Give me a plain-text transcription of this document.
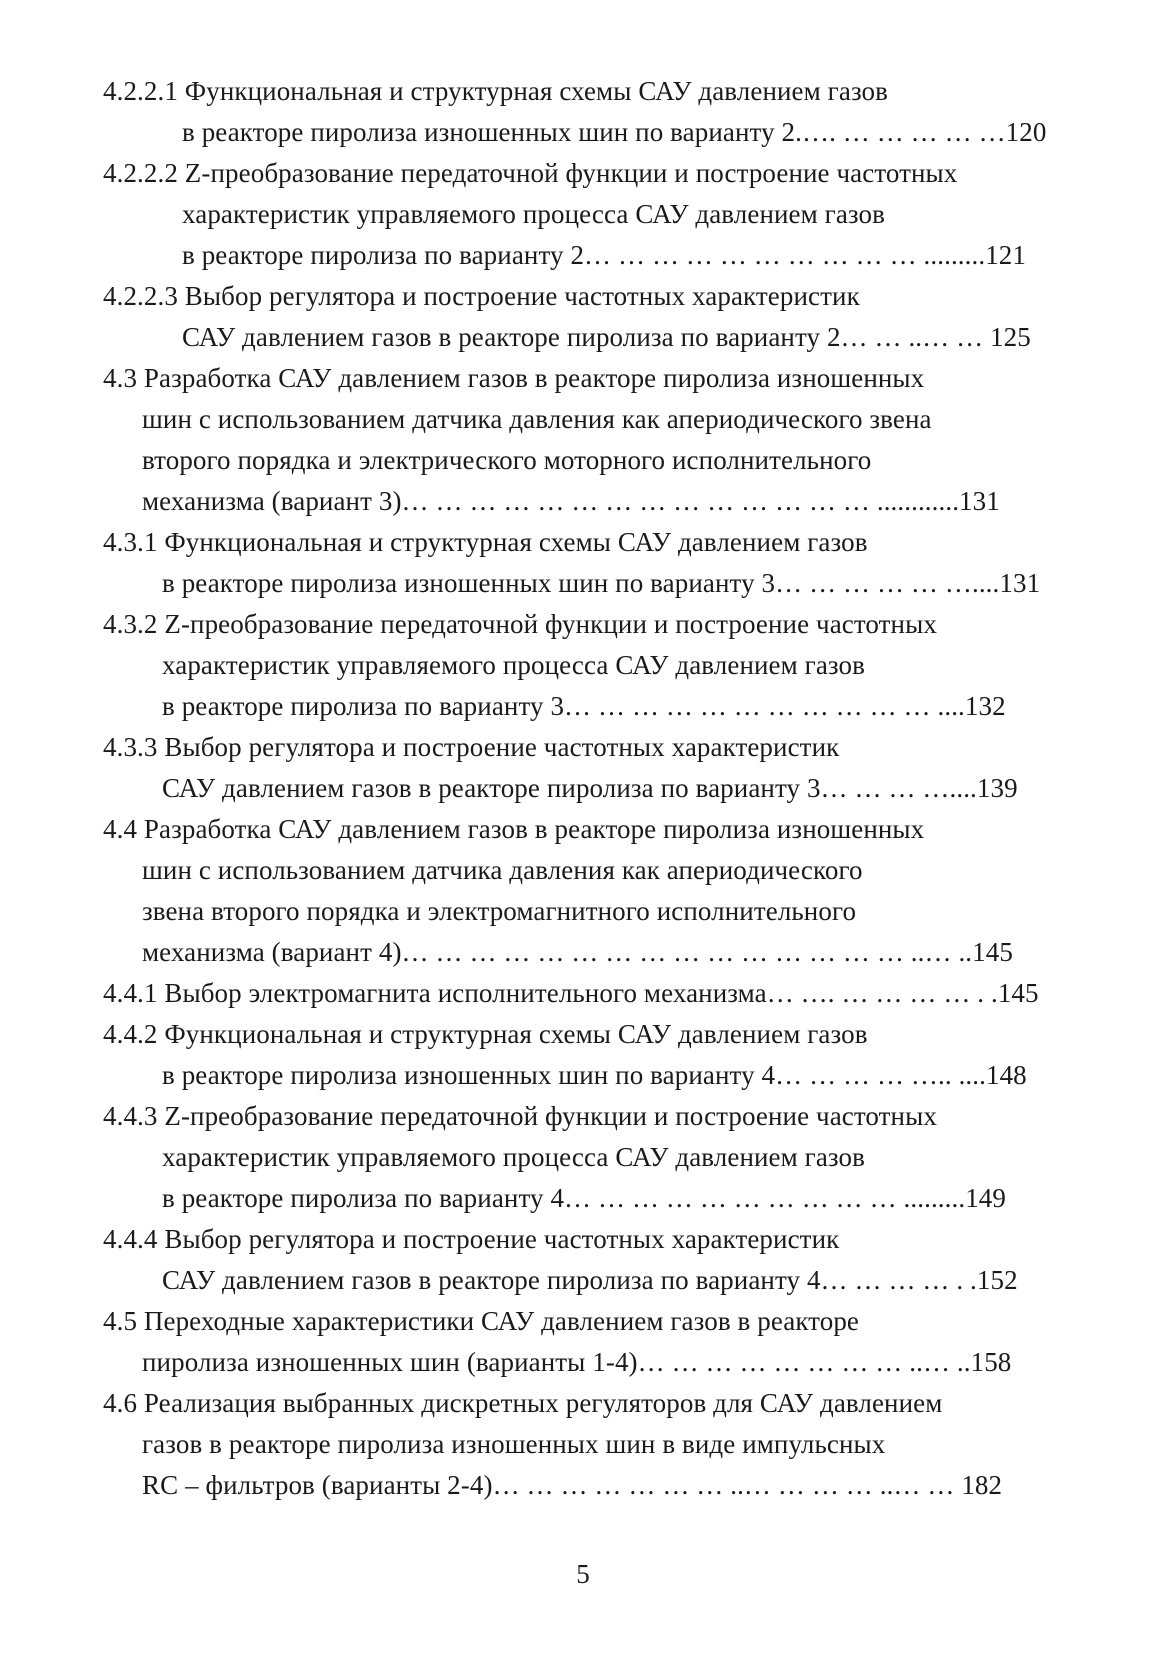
4.2.2.1 Функциональная и структурная схемы САУ давлением газов
в реакторе пиролиза изношенных шин по варианту 2.…. … … … … …120
4.2.2.2 Z-преобразование передаточной функции и построение частотных
характеристик управляемого процесса САУ давлением газов
в реакторе пиролиза по варианту 2… … … … … … … … … … .........121
4.2.2.3 Выбор регулятора и построение частотных характеристик
САУ давлением газов в реакторе пиролиза по варианту 2… … ..… … 125
4.3 Разработка САУ давлением газов в реакторе пиролиза изношенных
шин с использованием датчика давления как апериодического звена
второго порядка и электрического моторного исполнительного
механизма (вариант 3)… … … … … … … … … … … … … … ............131
4.3.1 Функциональная и структурная схемы САУ давлением газов
в реакторе пиролиза изношенных шин по варианту 3… … … … … …....131
4.3.2 Z-преобразование передаточной функции и построение частотных
характеристик управляемого процесса САУ давлением газов
в реакторе пиролиза по варианту 3… … … … … … … … … … … ....132
4.3.3 Выбор регулятора и построение частотных характеристик
САУ давлением газов в реакторе пиролиза по варианту 3… … … …....139
4.4 Разработка САУ давлением газов в реакторе пиролиза изношенных
шин с использованием датчика давления как апериодического
звена второго порядка и электромагнитного исполнительного
механизма (вариант 4)… … … … … … … … … … … … … … … ..… ..145
4.4.1 Выбор электромагнита исполнительного механизма… …. … … … … . .145
4.4.2 Функциональная и структурная схемы САУ давлением газов
в реакторе пиролиза изношенных шин по варианту 4… … … … ….. ....148
4.4.3 Z-преобразование передаточной функции и построение частотных
характеристик управляемого процесса САУ давлением газов
в реакторе пиролиза по варианту 4… … … … … … … … … … .........149
4.4.4 Выбор регулятора и построение частотных характеристик
САУ давлением газов в реакторе пиролиза по варианту 4… … … … . .152
4.5 Переходные характеристики САУ давлением газов в реакторе
пиролиза изношенных шин (варианты 1-4)… … … … … … … … ..… ..158
4.6 Реализация выбранных дискретных регуляторов для САУ давлением
газов в реакторе пиролиза изношенных шин в виде импульсных
RC – фильтров (варианты 2-4)… … … … … … … ..… … … … ..… … 182
5
